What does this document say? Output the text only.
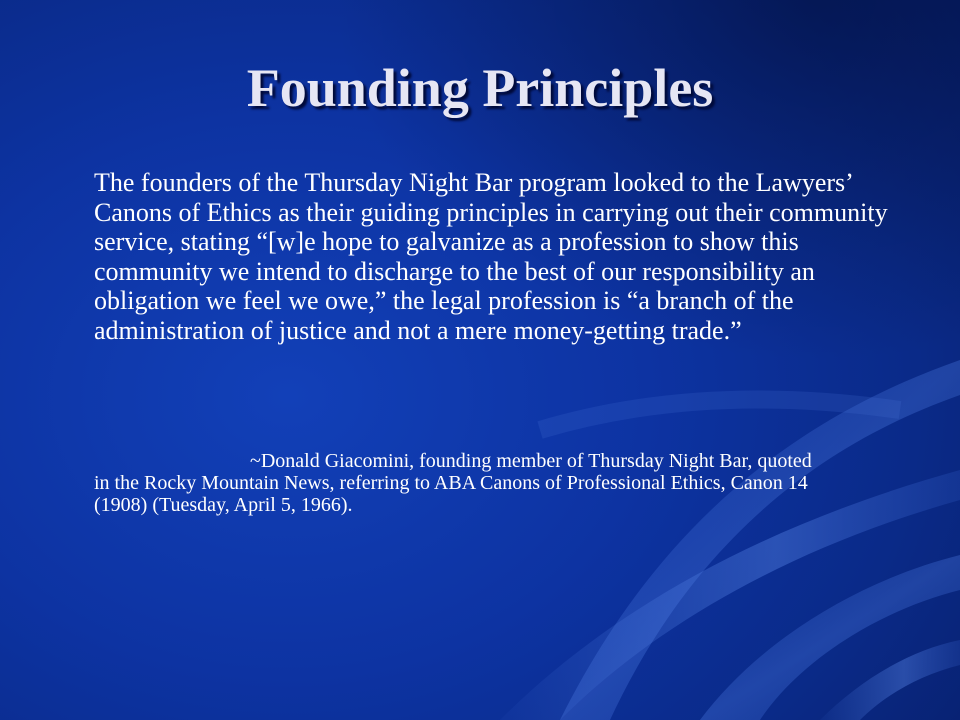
Founding Principles

The founders of the Thursday Night Bar program looked to the Lawyers’ Canons of Ethics as their guiding principles in carrying out their community service, stating “[w]e hope to galvanize as a profession to show this community we intend to discharge to the best of our responsibility an obligation we feel we owe,” the legal profession is “a branch of the administration of justice and not a mere money-getting trade.”

~Donald Giacomini, founding member of Thursday Night Bar, quoted in the Rocky Mountain News, referring to ABA Canons of Professional Ethics, Canon 14 (1908) (Tuesday, April 5, 1966).
